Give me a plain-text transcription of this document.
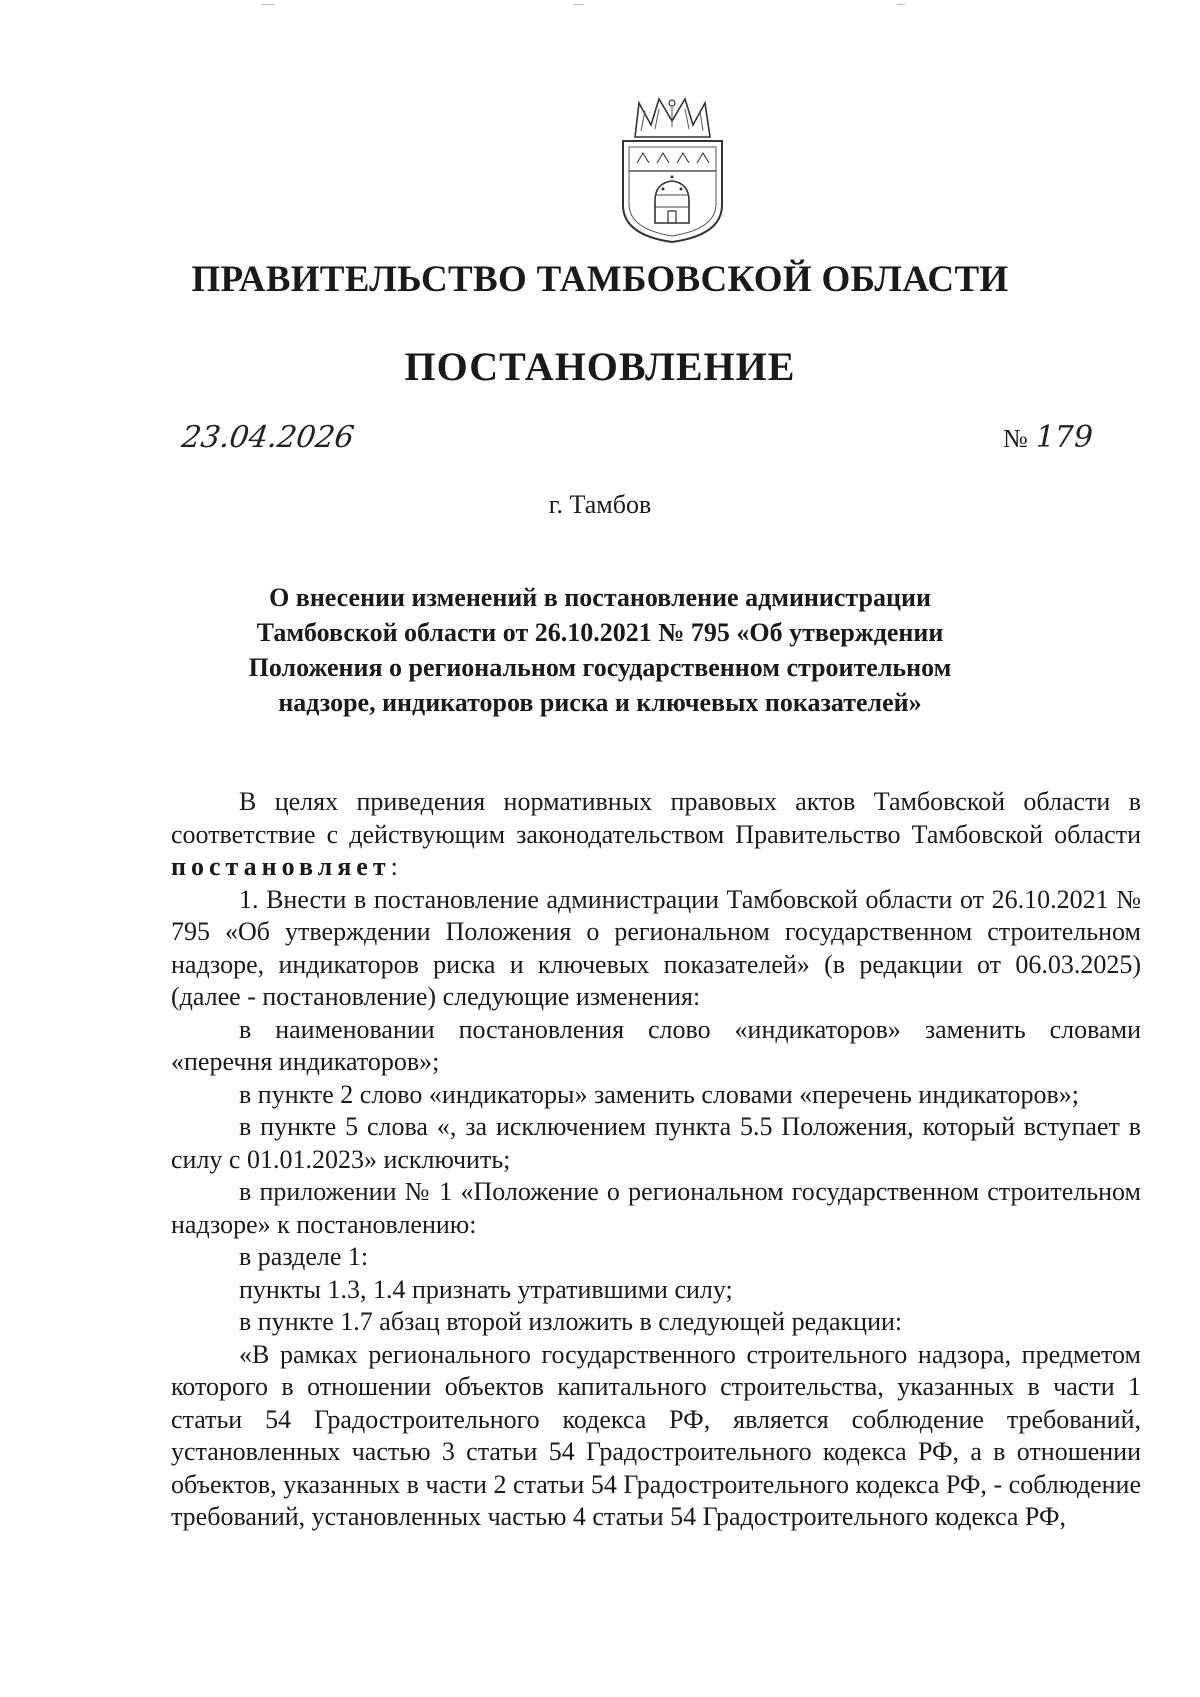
ПРАВИТЕЛЬСТВО ТАМБОВСКОЙ ОБЛАСТИ
ПОСТАНОВЛЕНИЕ
23.04.2026	№ 179
г. Тамбов
О внесении изменений в постановление администрации Тамбовской области от 26.10.2021 № 795 «Об утверждении Положения о региональном государственном строительном надзоре, индикаторов риска и ключевых показателей»

В целях приведения нормативных правовых актов Тамбовской области в соответствие с действующим законодательством Правительство Тамбовской области постановляет:

1. Внести в постановление администрации Тамбовской области от 26.10.2021 № 795 «Об утверждении Положения о региональном государственном строительном надзоре, индикаторов риска и ключевых показателей» (в редакции от 06.03.2025) (далее - постановление) следующие изменения:

в наименовании постановления слово «индикаторов» заменить словами «перечня индикаторов»;

в пункте 2 слово «индикаторы» заменить словами «перечень индикаторов»;

в пункте 5 слова «, за исключением пункта 5.5 Положения, который вступает в силу с 01.01.2023» исключить;

в приложении № 1 «Положение о региональном государственном строительном надзоре» к постановлению:

в разделе 1:

пункты 1.3, 1.4 признать утратившими силу;

в пункте 1.7 абзац второй изложить в следующей редакции:

«В рамках регионального государственного строительного надзора, предметом которого в отношении объектов капитального строительства, указанных в части 1 статьи 54 Градостроительного кодекса РФ, является соблюдение требований, установленных частью 3 статьи 54 Градостроительного кодекса РФ, а в отношении объектов, указанных в части 2 статьи 54 Градостроительного кодекса РФ, - соблюдение требований, установленных частью 4 статьи 54 Градостроительного кодекса РФ,
